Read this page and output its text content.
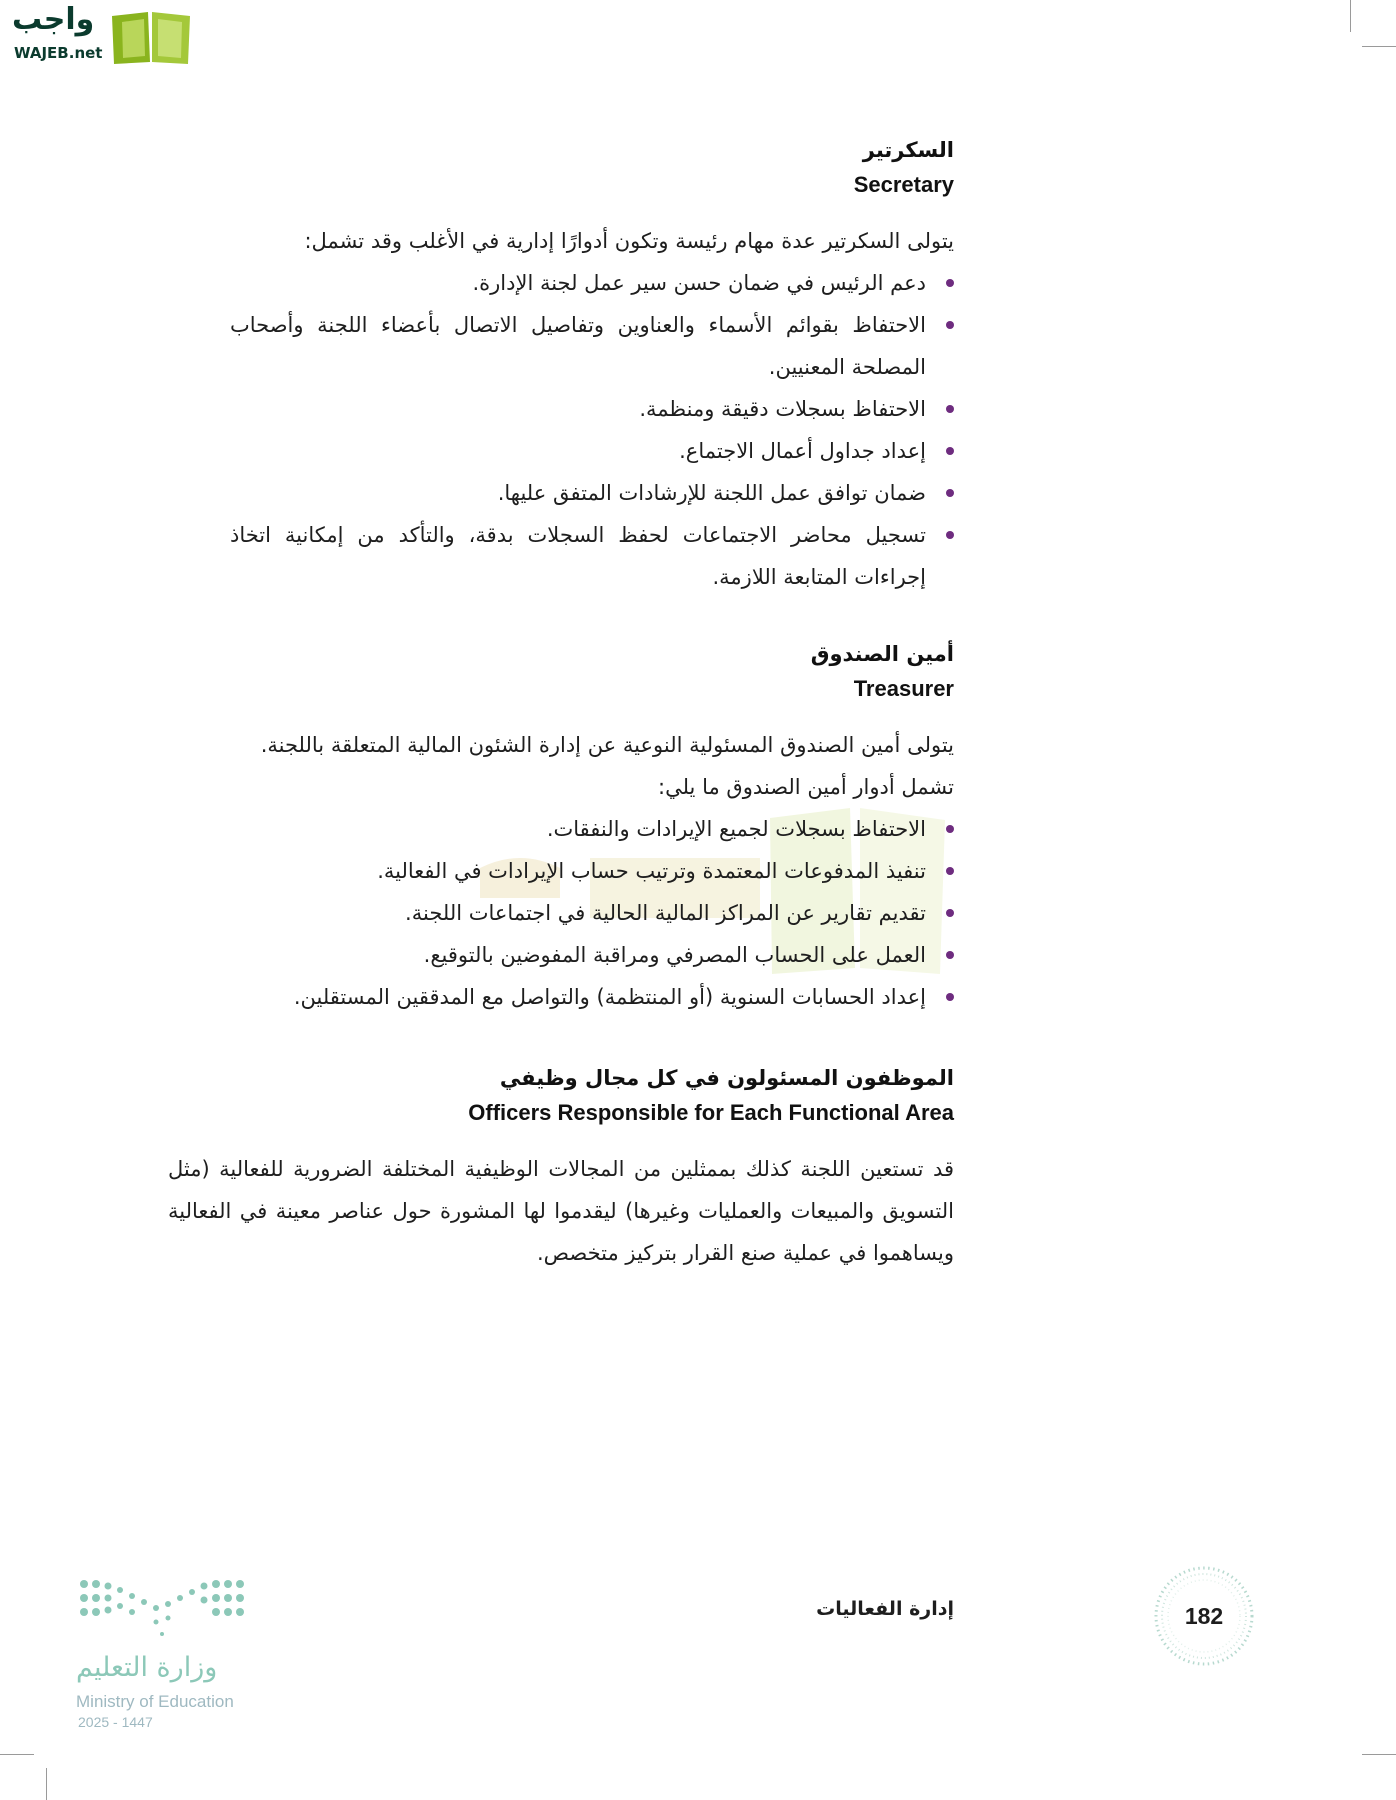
واجب
WAJEB.net
السكرتير
Secretary
يتولى السكرتير عدة مهام رئيسة وتكون أدوارًا إدارية في الأغلب وقد تشمل:
دعم الرئيس في ضمان حسن سير عمل لجنة الإدارة.
الاحتفاظ بقوائم الأسماء والعناوين وتفاصيل الاتصال بأعضاء اللجنة وأصحاب المصلحة المعنيين.
الاحتفاظ بسجلات دقيقة ومنظمة.
إعداد جداول أعمال الاجتماع.
ضمان توافق عمل اللجنة للإرشادات المتفق عليها.
تسجيل محاضر الاجتماعات لحفظ السجلات بدقة، والتأكد من إمكانية اتخاذ إجراءات المتابعة اللازمة.
أمين الصندوق
Treasurer
يتولى أمين الصندوق المسئولية النوعية عن إدارة الشئون المالية المتعلقة باللجنة.
تشمل أدوار أمين الصندوق ما يلي:
الاحتفاظ بسجلات لجميع الإيرادات والنفقات.
تنفيذ المدفوعات المعتمدة وترتيب حساب الإيرادات في الفعالية.
تقديم تقارير عن المراكز المالية الحالية في اجتماعات اللجنة.
العمل على الحساب المصرفي ومراقبة المفوضين بالتوقيع.
إعداد الحسابات السنوية (أو المنتظمة) والتواصل مع المدققين المستقلين.
الموظفون المسئولون في كل مجال وظيفي
Officers Responsible for Each Functional Area
قد تستعين اللجنة كذلك بممثلين من المجالات الوظيفية المختلفة الضرورية للفعالية (مثل التسويق والمبيعات والعمليات وغيرها) ليقدموا لها المشورة حول عناصر معينة في الفعالية ويساهموا في عملية صنع القرار بتركيز متخصص.
إدارة الفعاليات	182
وزارة التعليم
Ministry of Education
2025 - 1447
